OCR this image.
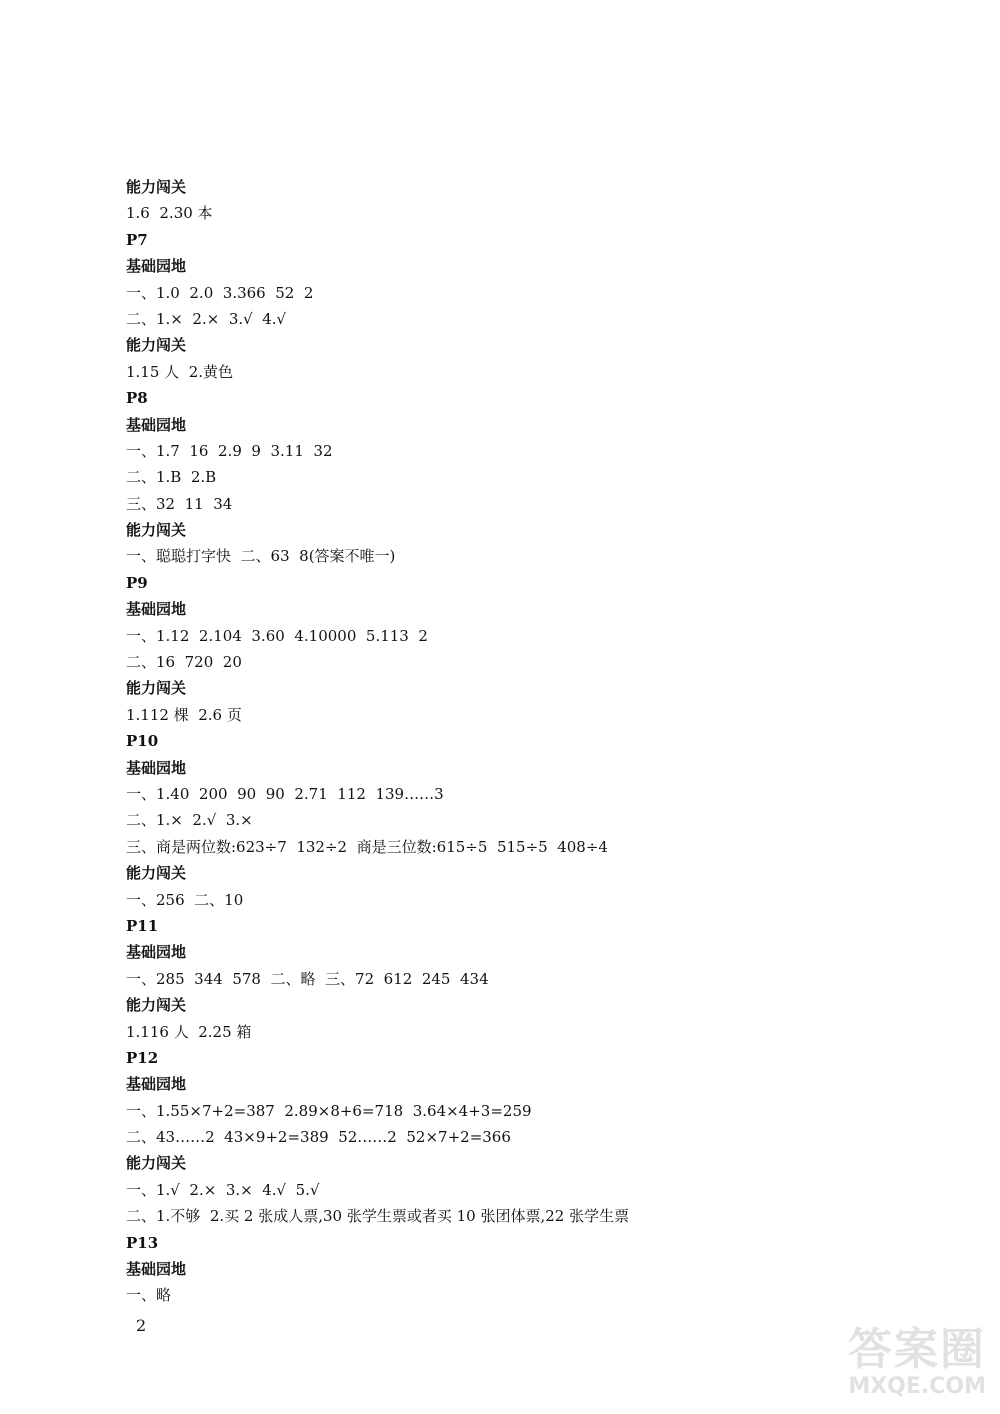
能力闯关
1.6  2.30 本
P7
基础园地
一、1.0  2.0  3.366  52  2
二、1.×  2.×  3.√  4.√
能力闯关
1.15 人  2.黄色
P8
基础园地
一、1.7  16  2.9  9  3.11  32
二、1.B  2.B
三、32  11  34
能力闯关
一、聪聪打字快  二、63  8(答案不唯一)
P9
基础园地
一、1.12  2.104  3.60  4.10000  5.113  2
二、16  720  20
能力闯关
1.112 棵  2.6 页
P10
基础园地
一、1.40  200  90  90  2.71  112  139……3
二、1.×  2.√  3.×
三、商是两位数:623÷7  132÷2  商是三位数:615÷5  515÷5  408÷4
能力闯关
一、256  二、10
P11
基础园地
一、285  344  578  二、略  三、72  612  245  434
能力闯关
1.116 人  2.25 箱
P12
基础园地
一、1.55×7+2=387  2.89×8+6=718  3.64×4+3=259
二、43……2  43×9+2=389  52……2  52×7+2=366
能力闯关
一、1.√  2.×  3.×  4.√  5.√
二、1.不够  2.买 2 张成人票,30 张学生票或者买 10 张团体票,22 张学生票
P13
基础园地
一、略
2	答案圈
MXQE.COM
